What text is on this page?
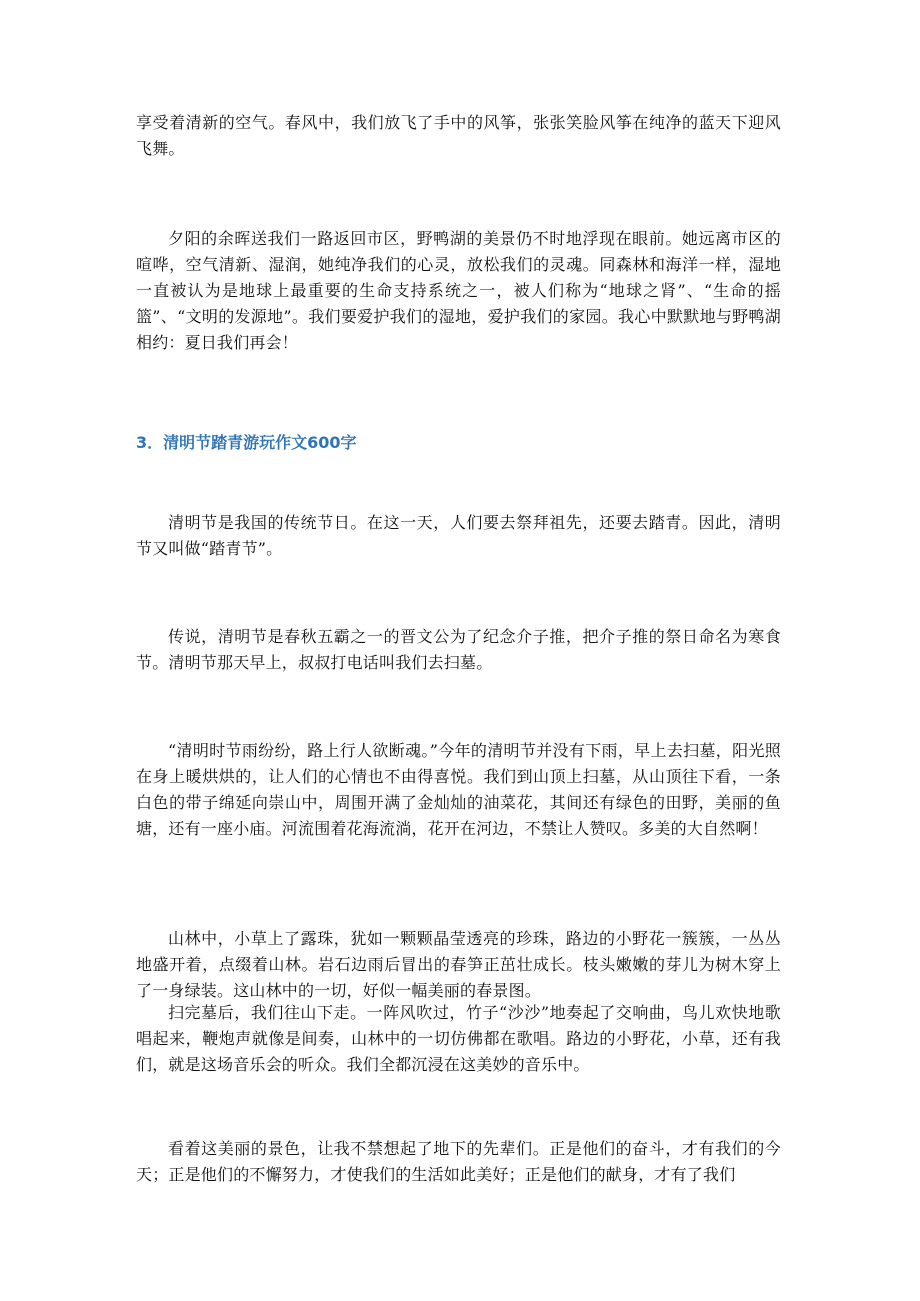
享受着清新的空气。春风中，我们放飞了手中的风筝，张张笑脸风筝在纯净的蓝天下迎风飞舞。

夕阳的余晖送我们一路返回市区，野鸭湖的美景仍不时地浮现在眼前。她远离市区的喧哗，空气清新、湿润，她纯净我们的心灵，放松我们的灵魂。同森林和海洋一样，湿地一直被认为是地球上最重要的生命支持系统之一，被人们称为“地球之肾”、“生命的摇篮”、“文明的发源地”。我们要爱护我们的湿地，爱护我们的家园。我心中默默地与野鸭湖相约：夏日我们再会！

3．清明节踏青游玩作文600字

清明节是我国的传统节日。在这一天，人们要去祭拜祖先，还要去踏青。因此，清明节又叫做“踏青节”。

传说，清明节是春秋五霸之一的晋文公为了纪念介子推，把介子推的祭日命名为寒食节。清明节那天早上，叔叔打电话叫我们去扫墓。

“清明时节雨纷纷，路上行人欲断魂。”今年的清明节并没有下雨，早上去扫墓，阳光照在身上暖烘烘的，让人们的心情也不由得喜悦。我们到山顶上扫墓，从山顶往下看，一条白色的带子绵延向崇山中，周围开满了金灿灿的油菜花，其间还有绿色的田野，美丽的鱼塘，还有一座小庙。河流围着花海流淌，花开在河边，不禁让人赞叹。多美的大自然啊！

山林中，小草上了露珠，犹如一颗颗晶莹透亮的珍珠，路边的小野花一簇簇，一丛丛地盛开着，点缀着山林。岩石边雨后冒出的春笋正茁壮成长。枝头嫩嫩的芽儿为树木穿上了一身绿装。这山林中的一切，好似一幅美丽的春景图。

扫完墓后，我们往山下走。一阵风吹过，竹子“沙沙”地奏起了交响曲，鸟儿欢快地歌唱起来，鞭炮声就像是间奏，山林中的一切仿佛都在歌唱。路边的小野花，小草，还有我们，就是这场音乐会的听众。我们全都沉浸在这美妙的音乐中。

看着这美丽的景色，让我不禁想起了地下的先辈们。正是他们的奋斗，才有我们的今天；正是他们的不懈努力，才使我们的生活如此美好；正是他们的献身，才有了我们
